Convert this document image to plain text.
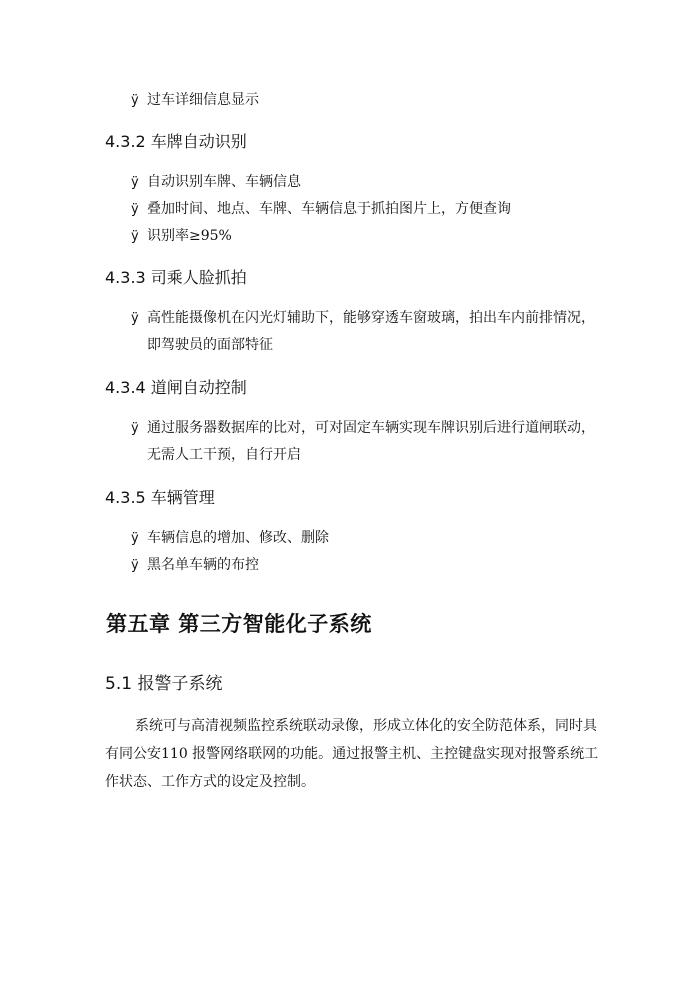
ÿ 过车详细信息显示
4.3.2 车牌自动识别
ÿ 自动识别车牌、车辆信息
ÿ 叠加时间、地点、车牌、车辆信息于抓拍图片上，方便查询
ÿ 识别率≥95%
4.3.3 司乘人脸抓拍
ÿ 高性能摄像机在闪光灯辅助下，能够穿透车窗玻璃，拍出车内前排情况，
即驾驶员的面部特征
4.3.4 道闸自动控制
ÿ 通过服务器数据库的比对，可对固定车辆实现车牌识别后进行道闸联动，
无需人工干预，自行开启
4.3.5 车辆管理
ÿ 车辆信息的增加、修改、删除
ÿ 黑名单车辆的布控
第五章 第三方智能化子系统
5.1 报警子系统
系统可与高清视频监控系统联动录像，形成立体化的安全防范体系，同时具
有同公安110 报警网络联网的功能。通过报警主机、主控键盘实现对报警系统工
作状态、工作方式的设定及控制。
